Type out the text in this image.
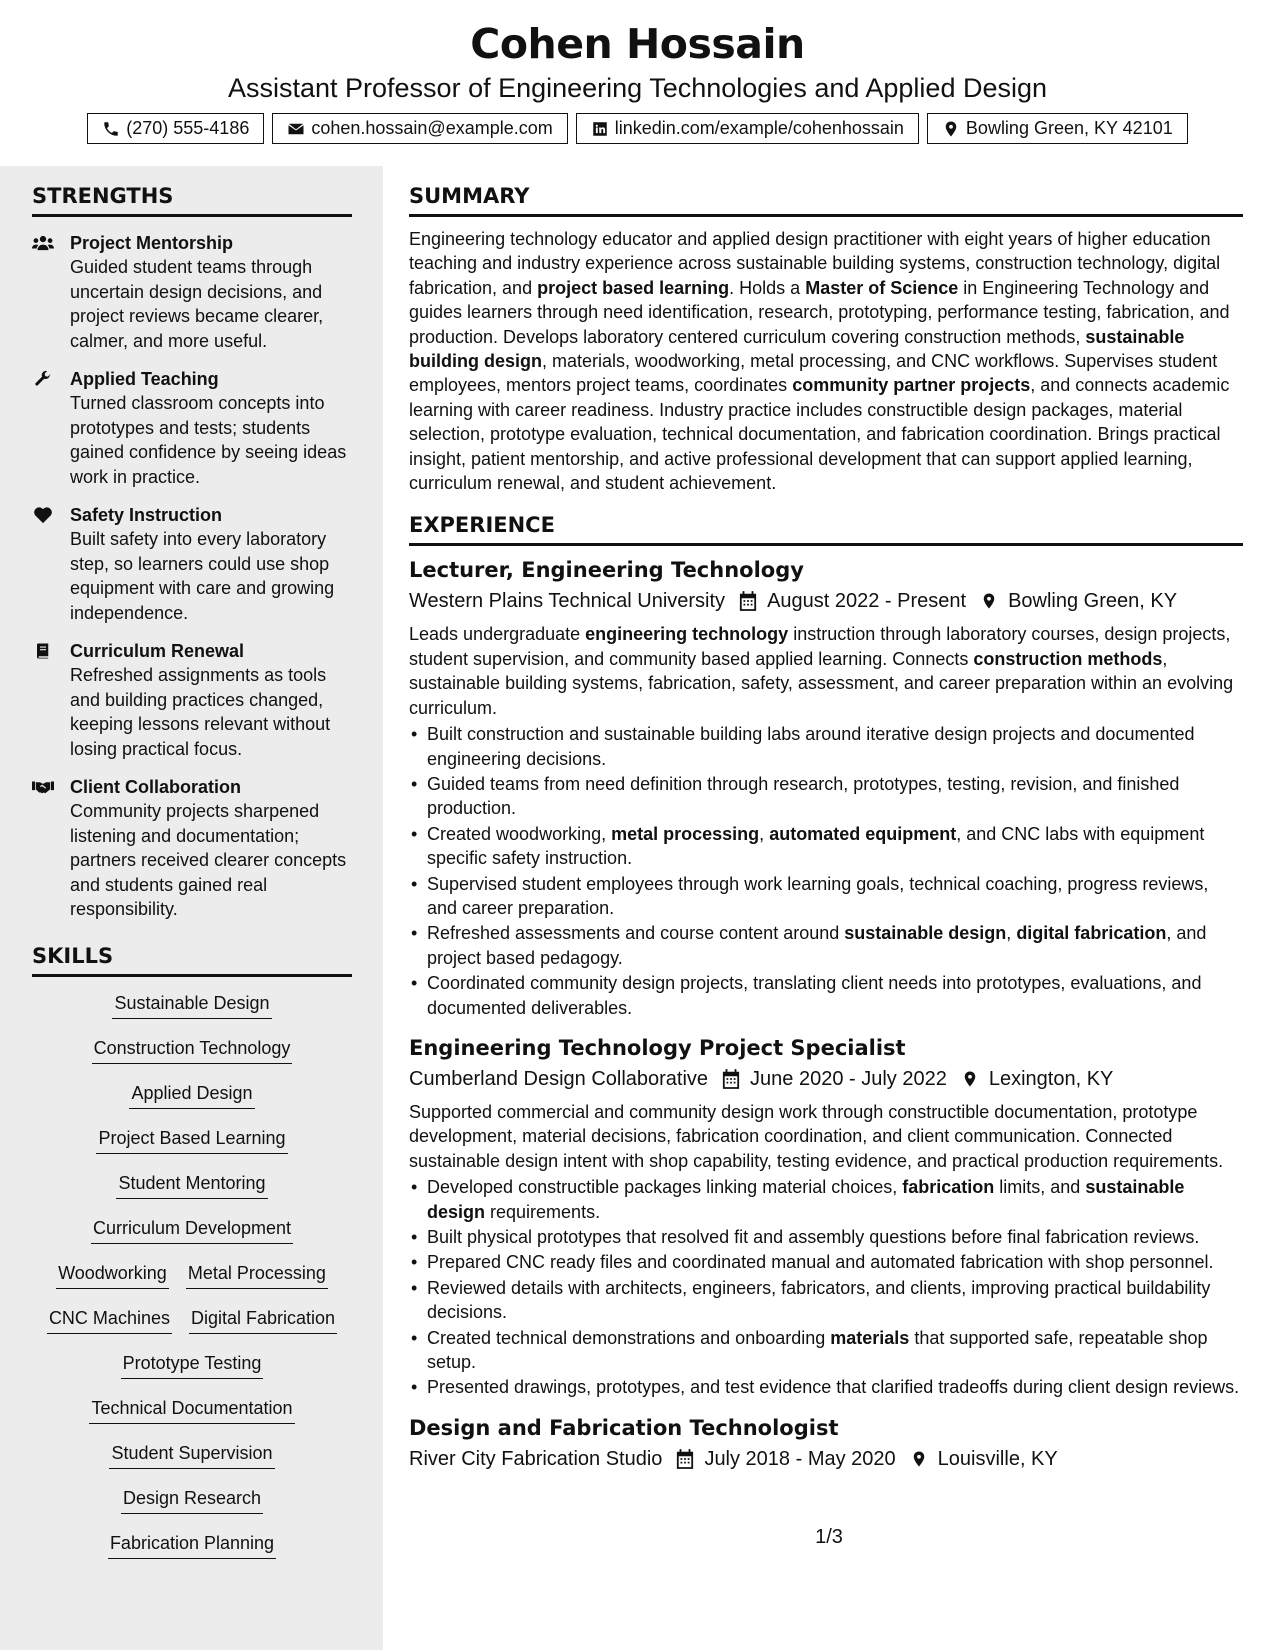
Cohen Hossain
Assistant Professor of Engineering Technologies and Applied Design
(270) 555-4186	cohen.hossain@example.com	linkedin.com/example/cohenhossain	Bowling Green, KY 42101
STRENGTHS
Project Mentorship
Guided student teams through uncertain design decisions, and project reviews became clearer, calmer, and more useful.
Applied Teaching
Turned classroom concepts into prototypes and tests; students gained confidence by seeing ideas work in practice.
Safety Instruction
Built safety into every laboratory step, so learners could use shop equipment with care and growing independence.
Curriculum Renewal
Refreshed assignments as tools and building practices changed, keeping lessons relevant without losing practical focus.
Client Collaboration
Community projects sharpened listening and documentation; partners received clearer concepts and students gained real responsibility.
SKILLS
Sustainable Design
Construction Technology
Applied Design
Project Based Learning
Student Mentoring
Curriculum Development
Woodworking Metal Processing
CNC Machines Digital Fabrication
Prototype Testing
Technical Documentation
Student Supervision
Design Research
Fabrication Planning
SUMMARY
Engineering technology educator and applied design practitioner with eight years of higher education teaching and industry experience across sustainable building systems, construction technology, digital fabrication, and project based learning. Holds a Master of Science in Engineering Technology and guides learners through need identification, research, prototyping, performance testing, fabrication, and production. Develops laboratory centered curriculum covering construction methods, sustainable building design, materials, woodworking, metal processing, and CNC workflows. Supervises student employees, mentors project teams, coordinates community partner projects, and connects academic learning with career readiness. Industry practice includes constructible design packages, material selection, prototype evaluation, technical documentation, and fabrication coordination. Brings practical insight, patient mentorship, and active professional development that can support applied learning, curriculum renewal, and student achievement.
EXPERIENCE
Lecturer, Engineering Technology
Western Plains Technical University August 2022 - Present Bowling Green, KY
Leads undergraduate engineering technology instruction through laboratory courses, design projects, student supervision, and community based applied learning. Connects construction methods, sustainable building systems, fabrication, safety, assessment, and career preparation within an evolving curriculum.
• Built construction and sustainable building labs around iterative design projects and documented engineering decisions.
• Guided teams from need definition through research, prototypes, testing, revision, and finished production.
• Created woodworking, metal processing, automated equipment, and CNC labs with equipment specific safety instruction.
• Supervised student employees through work learning goals, technical coaching, progress reviews, and career preparation.
• Refreshed assessments and course content around sustainable design, digital fabrication, and project based pedagogy.
• Coordinated community design projects, translating client needs into prototypes, evaluations, and documented deliverables.
Engineering Technology Project Specialist
Cumberland Design Collaborative June 2020 - July 2022 Lexington, KY
Supported commercial and community design work through constructible documentation, prototype development, material decisions, fabrication coordination, and client communication. Connected sustainable design intent with shop capability, testing evidence, and practical production requirements.
• Developed constructible packages linking material choices, fabrication limits, and sustainable design requirements.
• Built physical prototypes that resolved fit and assembly questions before final fabrication reviews.
• Prepared CNC ready files and coordinated manual and automated fabrication with shop personnel.
• Reviewed details with architects, engineers, fabricators, and clients, improving practical buildability decisions.
• Created technical demonstrations and onboarding materials that supported safe, repeatable shop setup.
• Presented drawings, prototypes, and test evidence that clarified tradeoffs during client design reviews.
Design and Fabrication Technologist
River City Fabrication Studio July 2018 - May 2020 Louisville, KY
1/3
